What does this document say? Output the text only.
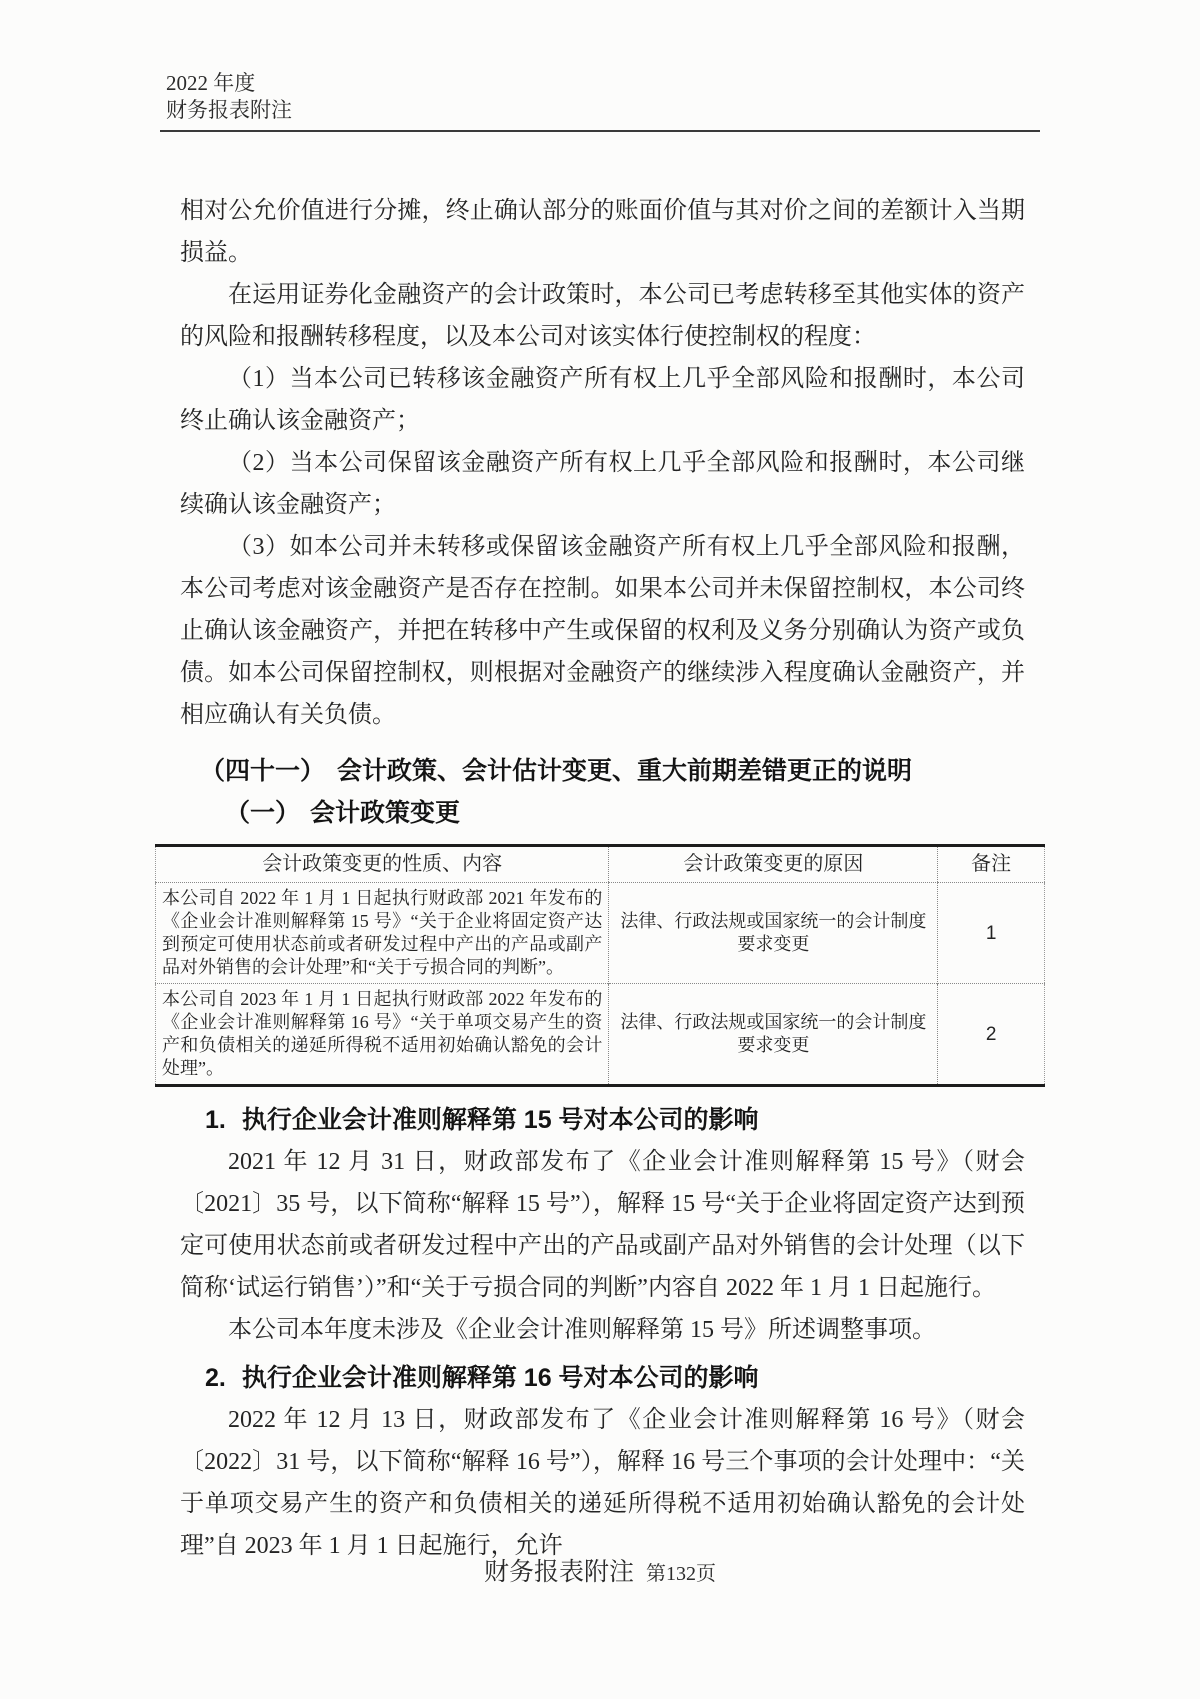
2022 年度
财务报表附注

相对公允价值进行分摊，终止确认部分的账面价值与其对价之间的差额计入当期损益。

在运用证券化金融资产的会计政策时，本公司已考虑转移至其他实体的资产的风险和报酬转移程度，以及本公司对该实体行使控制权的程度：

（1）当本公司已转移该金融资产所有权上几乎全部风险和报酬时，本公司终止确认该金融资产；

（2）当本公司保留该金融资产所有权上几乎全部风险和报酬时，本公司继续确认该金融资产；

（3）如本公司并未转移或保留该金融资产所有权上几乎全部风险和报酬，本公司考虑对该金融资产是否存在控制。如果本公司并未保留控制权，本公司终止确认该金融资产，并把在转移中产生或保留的权利及义务分别确认为资产或负债。如本公司保留控制权，则根据对金融资产的继续涉入程度确认金融资产，并相应确认有关负债。

（四十一） 会计政策、会计估计变更、重大前期差错更正的说明
（一） 会计政策变更
会计政策变更的性质、内容	会计政策变更的原因	备注
本公司自 2022 年 1 月 1 日起执行财政部 2021 年发布的《企业会计准则解释第 15 号》“关于企业将固定资产达到预定可使用状态前或者研发过程中产出的产品或副产品对外销售的会计处理”和“关于亏损合同的判断”。	法律、行政法规或国家统一的会计制度要求变更	1
本公司自 2023 年 1 月 1 日起执行财政部 2022 年发布的《企业会计准则解释第 16 号》“关于单项交易产生的资产和负债相关的递延所得税不适用初始确认豁免的会计处理”。	法律、行政法规或国家统一的会计制度要求变更	2
1. 执行企业会计准则解释第 15 号对本公司的影响

2021 年 12 月 31 日，财政部发布了《企业会计准则解释第 15 号》（财会〔2021〕35 号，以下简称“解释 15 号”），解释 15 号“关于企业将固定资产达到预定可使用状态前或者研发过程中产出的产品或副产品对外销售的会计处理（以下简称‘试运行销售’）”和“关于亏损合同的判断”内容自 2022 年 1 月 1 日起施行。

本公司本年度未涉及《企业会计准则解释第 15 号》所述调整事项。

2. 执行企业会计准则解释第 16 号对本公司的影响

2022 年 12 月 13 日，财政部发布了《企业会计准则解释第 16 号》（财会〔2022〕31 号，以下简称“解释 16 号”），解释 16 号三个事项的会计处理中：“关于单项交易产生的资产和负债相关的递延所得税不适用初始确认豁免的会计处理”自 2023 年 1 月 1 日起施行，允许

财务报表附注 第132页
